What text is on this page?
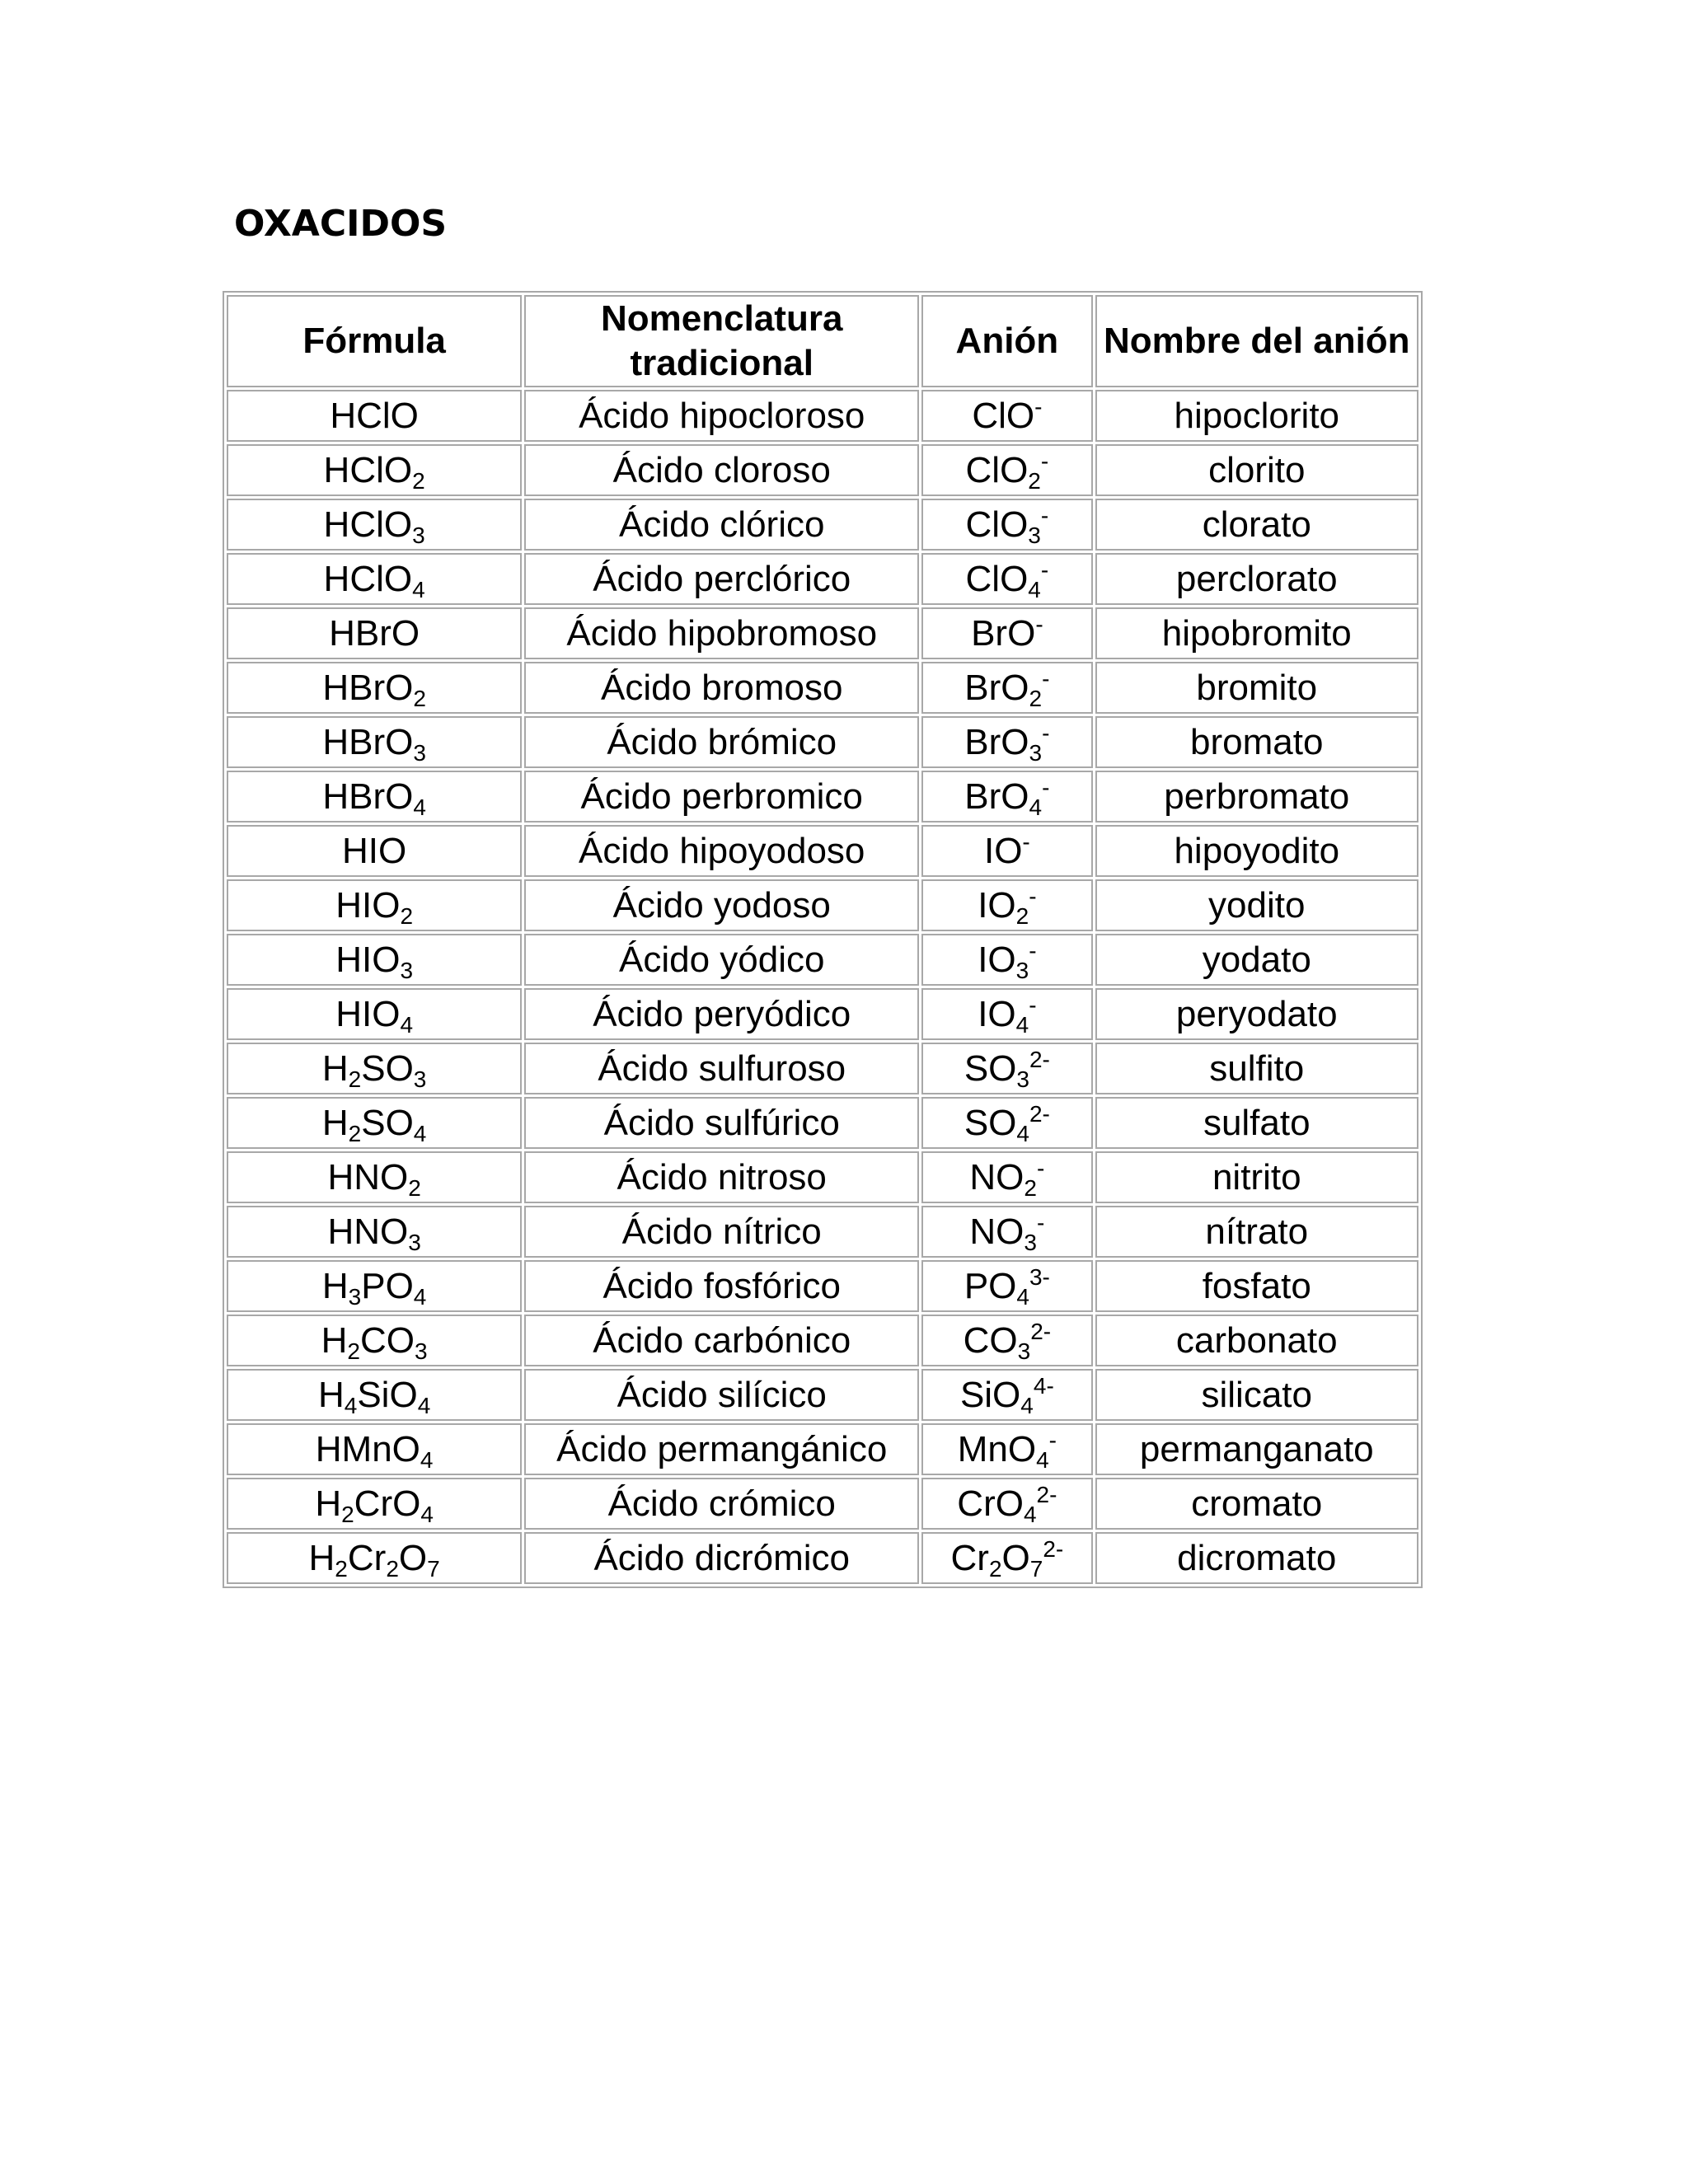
OXACIDOS
Fórmula	Nomenclatura tradicional	Anión	Nombre del anión
HClO	Ácido hipocloroso	ClO-	hipoclorito
HClO$_2$	Ácido cloroso	ClO$_2$-	clorito
HClO$_3$	Ácido clórico	ClO$_3$-	clorato
HClO$_4$	Ácido perclórico	ClO$_4$-	perclorato
HBrO	Ácido hipobromoso	BrO-	hipobromito
HBrO$_2$	Ácido bromoso	BrO$_2$-	bromito
HBrO$_3$	Ácido brómico	BrO$_3$-	bromato
HBrO$_4$	Ácido perbromico	BrO$_4$-	perbromato
HIO	Ácido hipoyodoso	IO-	hipoyodito
$HIO_2$	Ácido yodoso	$IO_2^-$	yodito
$HIO_3$	Ácido yódico	$IO_3^-$	yodato
$HIO_4$	Ácido peryódico	$IO_4^-$	peryodato
$H_2SO_3$	Ácido sulfuroso	$SO_3^{2-}$	sulfito
$H_2SO_4$	Ácido sulfúrico	$SO_4^{2-}$	sulfato
$HNO_2$	Ácido nitroso	$NO_2^-$	nitrito
$HNO_3$	Ácido nítrico	$NO_3^-$	nítrato
$H_3PO_4$	Ácido fosfórico	$PO_4^{3-}$	fosfato
$H_2CO_3$	Ácido carbónico	$CO_3^{2-}$	carbonato
$H_4SiO_4$	Ácido silícico	SiO$_4^{4-}$	silicato
HMnO$_4$	Ácido permangánico	MnO$_4$-	permanganato
$H_2CrO_4$	Ácido crómico	CrO$_4^{2-}$	cromato
$H_2Cr_2O_7$	Ácido dicrómico	$Cr_2O_7^{2-}$	dicromato
